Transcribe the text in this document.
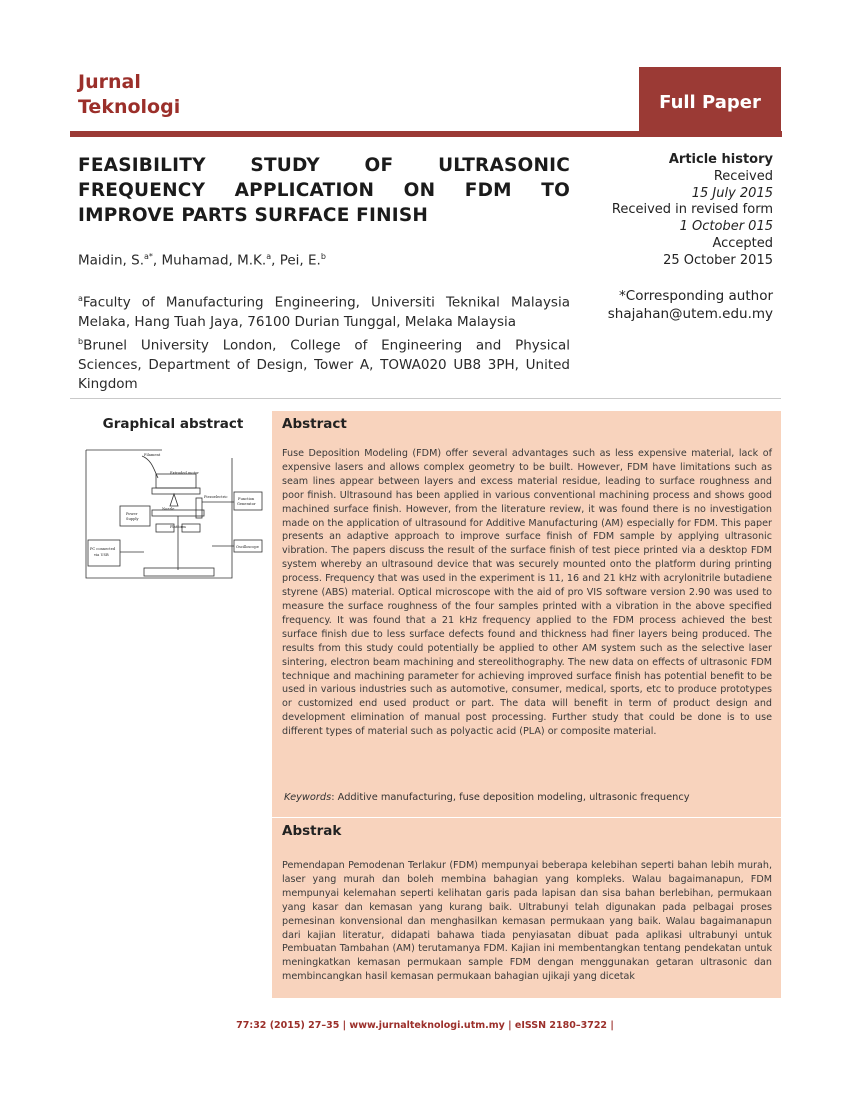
Jurnal
Teknologi	Full Paper
FEASIBILITY STUDY OF ULTRASONIC FREQUENCY APPLICATION ON FDM TO IMPROVE PARTS SURFACE FINISH
Maidin, S.$^{a*}$, Muhamad, M.K.$^a$, Pei, E.$^b$
$^a$Faculty of Manufacturing Engineering, Universiti Teknikal Malaysia Melaka, Hang Tuah Jaya, 76100 Durian Tunggal, Melaka Malaysia
$^b$Brunel University London, College of Engineering and Physical Sciences, Department of Design, Tower A, TOWA020 UB8 3PH, United Kingdom
Article history
Received
15 July 2015
Received in revised form
1 October 015
Accepted
25 October 2015
*Corresponding author
shajahan@utem.edu.my
Graphical abstract
Filament
Extruded motor
Piezoelectric
Nozzle
Platform
Power
Supply
PC connected
via USB
Function
Generator
Oscilloscope
Abstract
Fuse Deposition Modeling (FDM) offer several advantages such as less expensive material, lack of expensive lasers and allows complex geometry to be built. However, FDM have limitations such as seam lines appear between layers and excess material residue, leading to surface roughness and poor finish. Ultrasound has been applied in various conventional machining process and shows good machined surface finish. However, from the literature review, it was found there is no investigation made on the application of ultrasound for Additive Manufacturing (AM) especially for FDM. This paper presents an adaptive approach to improve surface finish of FDM sample by applying ultrasonic vibration. The papers discuss the result of the surface finish of test piece printed via a desktop FDM system whereby an ultrasound device that was securely mounted onto the platform during printing process. Frequency that was used in the experiment is 11, 16 and 21 kHz with acrylonitrile butadiene styrene (ABS) material. Optical microscope with the aid of pro VIS software version 2.90 was used to measure the surface roughness of the four samples printed with a vibration in the above specified frequency. It was found that a 21 kHz frequency applied to the FDM process achieved the best surface finish due to less surface defects found and thickness had finer layers being produced. The results from this study could potentially be applied to other AM system such as the selective laser sintering, electron beam machining and stereolithography. The new data on effects of ultrasonic FDM technique and machining parameter for achieving improved surface finish has potential benefit to be used in various industries such as automotive, consumer, medical, sports, etc to produce prototypes or customized end used product or part. The data will benefit in term of product design and development elimination of manual post processing. Further study that could be done is to use different types of material such as polyactic acid (PLA) or composite material.
Keywords: Additive manufacturing, fuse deposition modeling, ultrasonic frequency
Abstrak
Pemendapan Pemodenan Terlakur (FDM) mempunyai beberapa kelebihan seperti bahan lebih murah, laser yang murah dan boleh membina bahagian yang kompleks. Walau bagaimanapun, FDM mempunyai kelemahan seperti kelihatan garis pada lapisan dan sisa bahan berlebihan, permukaan yang kasar dan kemasan yang kurang baik. Ultrabunyi telah digunakan pada pelbagai proses pemesinan konvensional dan menghasilkan kemasan permukaan yang baik. Walau bagaimanapun dari kajian literatur, didapati bahawa tiada penyiasatan dibuat pada aplikasi ultrabunyi untuk Pembuatan Tambahan (AM) terutamanya FDM. Kajian ini membentangkan tentang pendekatan untuk meningkatkan kemasan permukaan sample FDM dengan menggunakan getaran ultrasonic dan membincangkan hasil kemasan permukaan bahagian ujikaji yang dicetak
77:32 (2015) 27–35 | www.jurnalteknologi.utm.my | eISSN 2180–3722 |
